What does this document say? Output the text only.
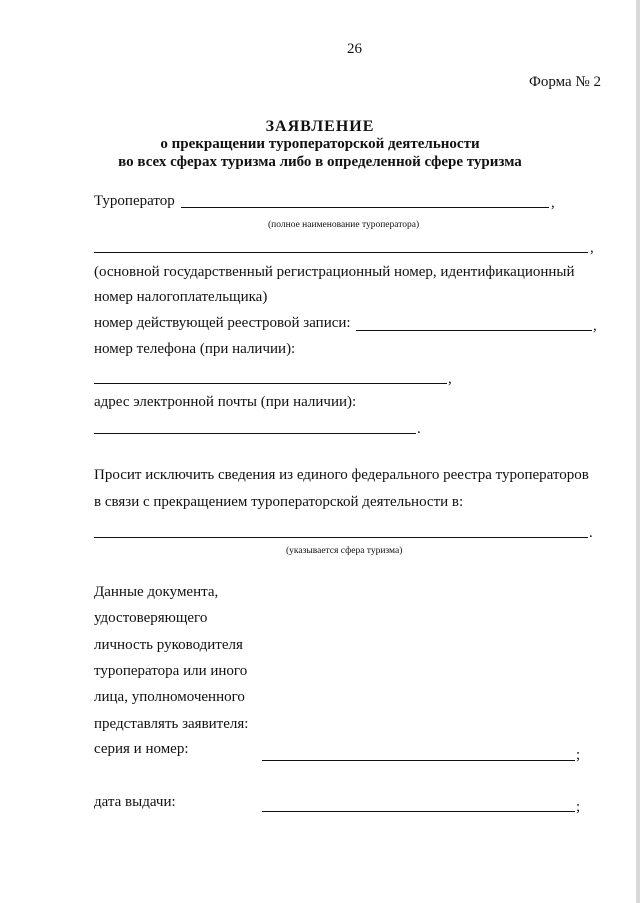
26
Форма № 2
ЗАЯВЛЕНИЕ
о прекращении туроператорской деятельности
во всех сферах туризма либо в определенной сфере туризма
Туроператор	,
(полное наименование туроператора)
,
(основной государственный регистрационный номер, идентификационный
номер налогоплательщика)
номер действующей реестровой записи:	,
номер телефона (при наличии):
,
адрес электронной почты (при наличии):
.
Просит исключить сведения из единого федерального реестра туроператоров
в связи с прекращением туроператорской деятельности в:
.
(указывается сфера туризма)
Данные документа,
удостоверяющего
личность руководителя
туроператора или иного
лица, уполномоченного
представлять заявителя:
серия и номер:	;
дата выдачи:	;
